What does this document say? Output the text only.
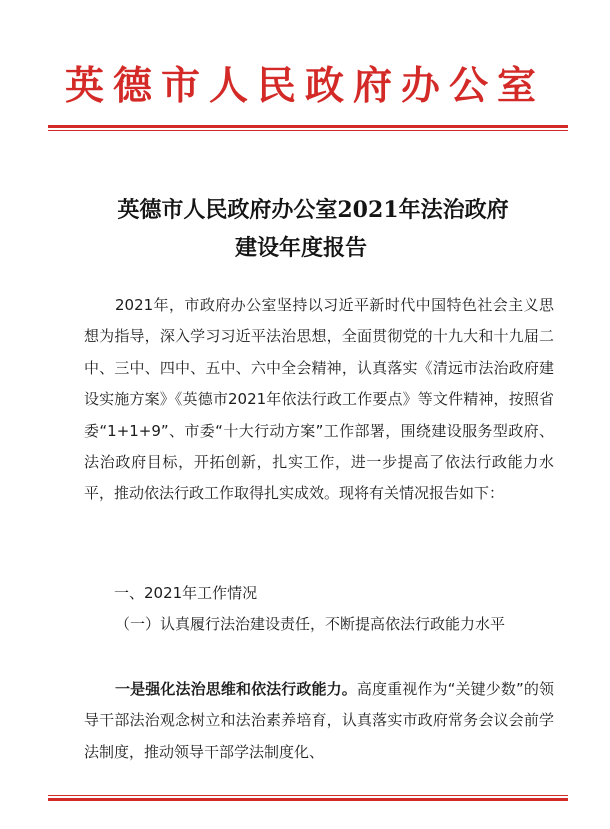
英德市人民政府办公室
英德市人民政府办公室2021年法治政府
建设年度报告
2021年，市政府办公室坚持以习近平新时代中国特色社会主义思想为指导，深入学习习近平法治思想，全面贯彻党的十九大和十九届二中、三中、四中、五中、六中全会精神，认真落实《清远市法治政府建设实施方案》《英德市2021年依法行政工作要点》等文件精神，按照省委“1+1+9”、市委“十大行动方案”工作部署，围绕建设服务型政府、法治政府目标，开拓创新，扎实工作，进一步提高了依法行政能力水平，推动依法行政工作取得扎实成效。现将有关情况报告如下：
一、2021年工作情况
（一）认真履行法治建设责任，不断提高依法行政能力水平
一是强化法治思维和依法行政能力。高度重视作为“关键少数”的领导干部法治观念树立和法治素养培育，认真落实市政府常务会议会前学法制度，推动领导干部学法制度化、
